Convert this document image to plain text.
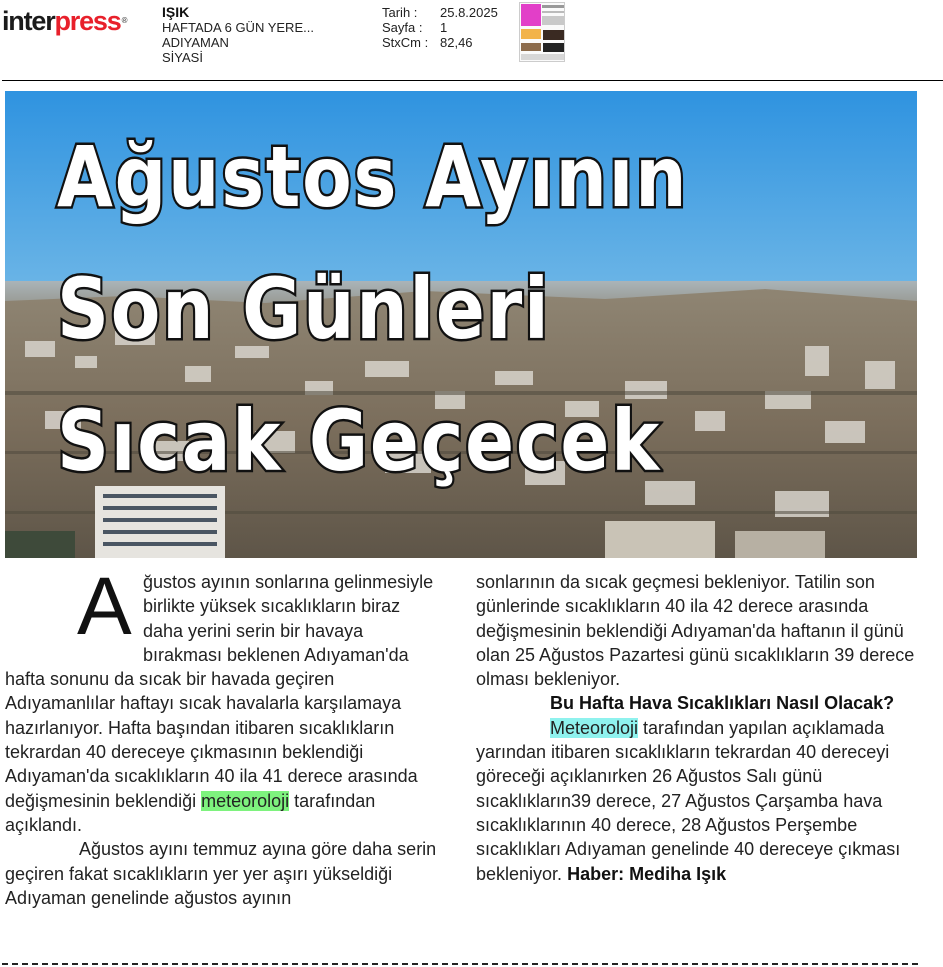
interpress®
IŞIK
HAFTADA 6 GÜN YERE...
ADIYAMAN
SİYASİ
Tarih :	25.8.2025
Sayfa :	1
StxCm : 82,46
Ağustos Ayının
Son Günleri
Sıcak Geçecek
Ağustos ayının sonlarına gelinmesiyle birlikte yüksek sıcaklıkların biraz daha yerini serin bir havaya bırakması beklenen Adıyaman'da hafta sonunu da sıcak bir havada geçiren Adıyamanlılar haftayı sıcak havalarla karşılamaya hazırlanıyor. Hafta başından itibaren sıcaklıkların tekrardan 40 dereceye çıkmasının beklendiği Adıyaman'da sıcaklıkların 40 ila 41 derece arasında değişmesinin beklendiği meteoroloji tarafından açıklandı.
Ağustos ayını temmuz ayına göre daha serin geçiren fakat sıcaklıkların yer yer aşırı yükseldiği Adıyaman genelinde ağustos ayının
sonlarının da sıcak geçmesi bekleniyor. Tatilin son günlerinde sıcaklıkların 40 ila 42 derece arasında değişmesinin beklendiği Adıyaman'da haftanın il günü olan 25 Ağustos Pazartesi günü sıcaklıkların 39 derece olması bekleniyor.
Bu Hafta Hava Sıcaklıkları Nasıl Olacak?
Meteoroloji tarafından yapılan açıklamada yarından itibaren sıcaklıkların tekrardan 40 dereceyi göreceği açıklanırken 26 Ağustos Salı günü sıcaklıkların39 derece, 27 Ağustos Çarşamba hava sıcaklıklarının 40 derece, 28 Ağustos Perşembe sıcaklıkları Adıyaman genelinde 40 dereceye çıkması bekleniyor. Haber: Mediha Işık
